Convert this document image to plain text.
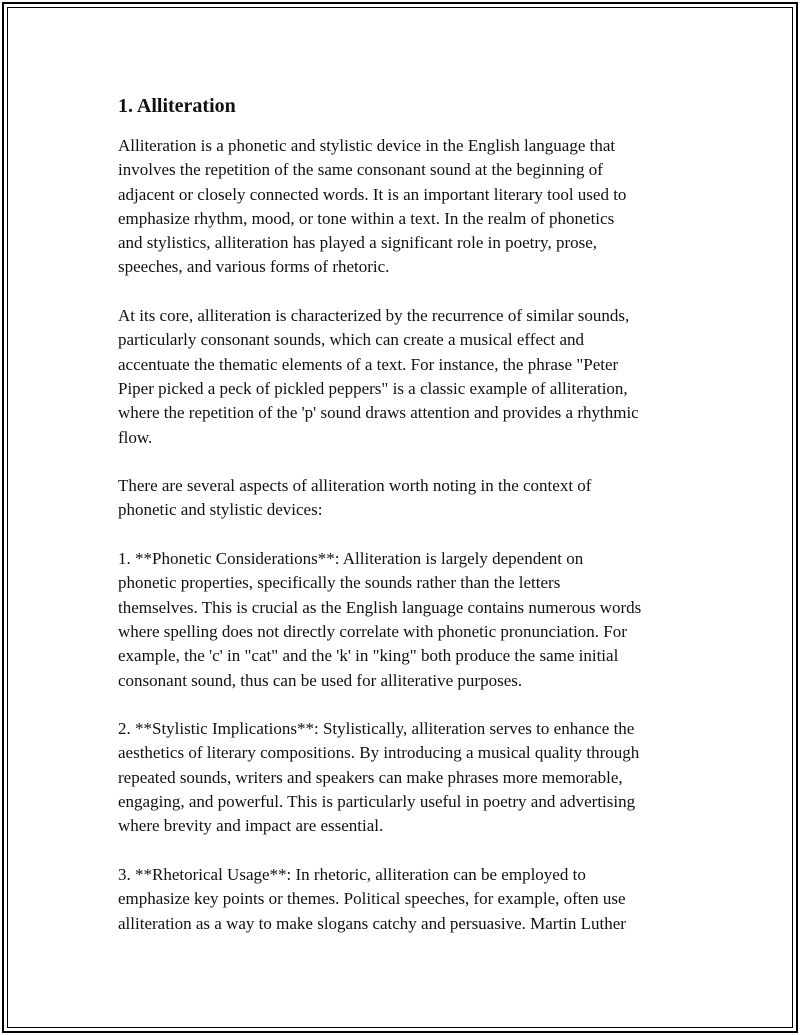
1. Alliteration

Alliteration is a phonetic and stylistic device in the English language that
involves the repetition of the same consonant sound at the beginning of
adjacent or closely connected words. It is an important literary tool used to
emphasize rhythm, mood, or tone within a text. In the realm of phonetics
and stylistics, alliteration has played a significant role in poetry, prose,
speeches, and various forms of rhetoric.

At its core, alliteration is characterized by the recurrence of similar sounds,
particularly consonant sounds, which can create a musical effect and
accentuate the thematic elements of a text. For instance, the phrase "Peter
Piper picked a peck of pickled peppers" is a classic example of alliteration,
where the repetition of the 'p' sound draws attention and provides a rhythmic
flow.

There are several aspects of alliteration worth noting in the context of
phonetic and stylistic devices:

1. **Phonetic Considerations**: Alliteration is largely dependent on
phonetic properties, specifically the sounds rather than the letters
themselves. This is crucial as the English language contains numerous words
where spelling does not directly correlate with phonetic pronunciation. For
example, the 'c' in "cat" and the 'k' in "king" both produce the same initial
consonant sound, thus can be used for alliterative purposes.

2. **Stylistic Implications**: Stylistically, alliteration serves to enhance the
aesthetics of literary compositions. By introducing a musical quality through
repeated sounds, writers and speakers can make phrases more memorable,
engaging, and powerful. This is particularly useful in poetry and advertising
where brevity and impact are essential.

3. **Rhetorical Usage**: In rhetoric, alliteration can be employed to
emphasize key points or themes. Political speeches, for example, often use
alliteration as a way to make slogans catchy and persuasive. Martin Luther
